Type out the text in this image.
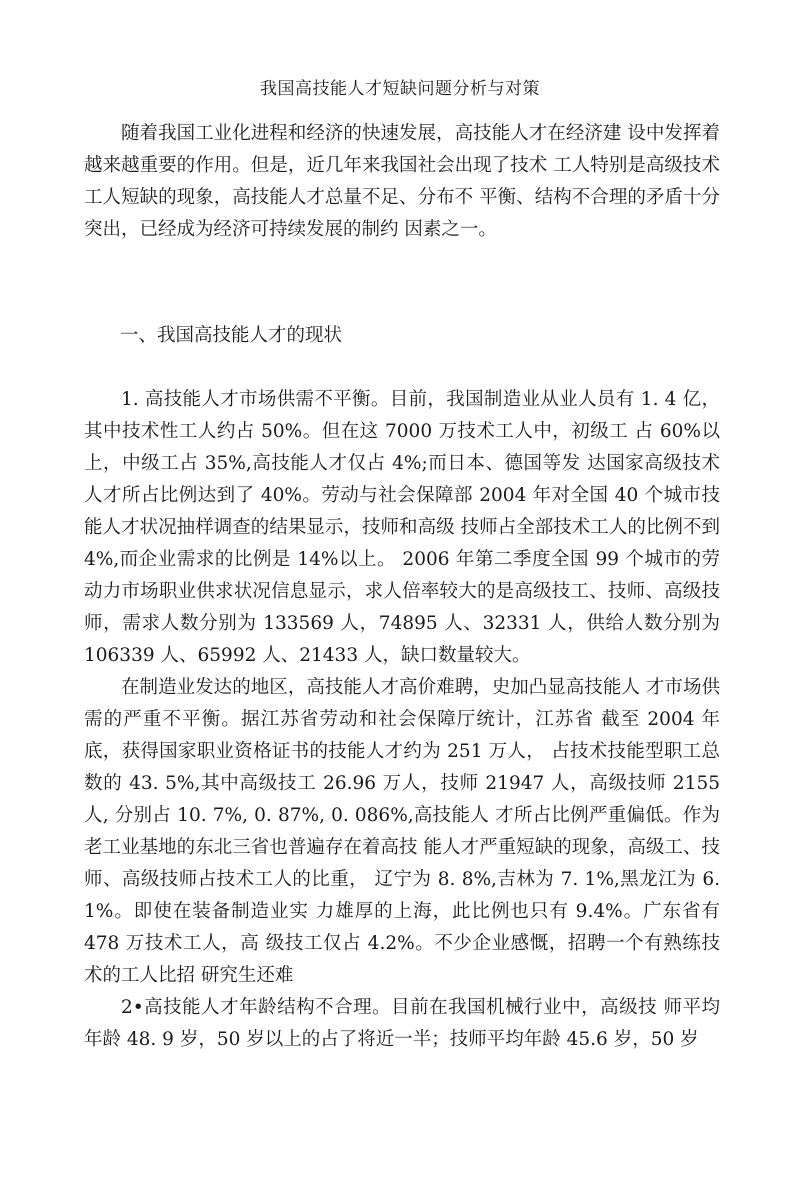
我国高技能人才短缺问题分析与对策

随着我国工业化进程和经济的快速发展，高技能人才在经济建 设中发挥着越来越重要的作用。但是，近几年来我国社会出现了技术 工人特别是高级技术工人短缺的现象，高技能人才总量不足、分布不 平衡、结构不合理的矛盾十分突出，已经成为经济可持续发展的制约 因素之一。

一、我国高技能人才的现状

1. 高技能人才市场供需不平衡。目前，我国制造业从业人员有 1. 4 亿，其中技术性工人约占 50%。但在这 7000 万技术工人中，初级工 占 60%以上，中级工占 35%,高技能人才仅占 4%;而日本、德国等发 达国家高级技术人才所占比例达到了 40%。劳动与社会保障部 2004 年对全国 40 个城市技能人才状况抽样调查的结果显示，技师和高级 技师占全部技术工人的比例不到 4%,而企业需求的比例是 14%以上。 2006 年第二季度全国 99 个城市的劳动力市场职业供求状况信息显示，求人倍率较大的是高级技工、技师、高级技师，需求人数分别为 133569 人，74895 人、32331 人，供给人数分别为 106339 人、65992 人、21433 人，缺口数量较大。

在制造业发达的地区，高技能人才高价难聘，史加凸显高技能人 才市场供需的严重不平衡。据江苏省劳动和社会保障厅统计，江苏省 截至 2004 年底，获得国家职业资格证书的技能人才约为 251 万人， 占技术技能型职工总数的 43. 5%,其中高级技工 26.96 万人，技师 21947 人，高级技师 2155 人, 分别占 10. 7%, 0. 87%, 0. 086%,高技能人 才所占比例严重偏低。作为老工业基地的东北三省也普遍存在着高技 能人才严重短缺的现象，高级工、技师、高级技师占技术工人的比重， 辽宁为 8. 8%,吉林为 7. 1%,黑龙江为 6. 1%。即使在装备制造业实 力雄厚的上海，此比例也只有 9.4%。广东省有 478 万技术工人，高 级技工仅占 4.2%。不少企业感慨，招聘一个有熟练技术的工人比招 研究生还难

2•高技能人才年龄结构不合理。目前在我国机械行业中，高级技 师平均年龄 48. 9 岁，50 岁以上的占了将近一半；技师平均年龄 45.6 岁，50 岁
